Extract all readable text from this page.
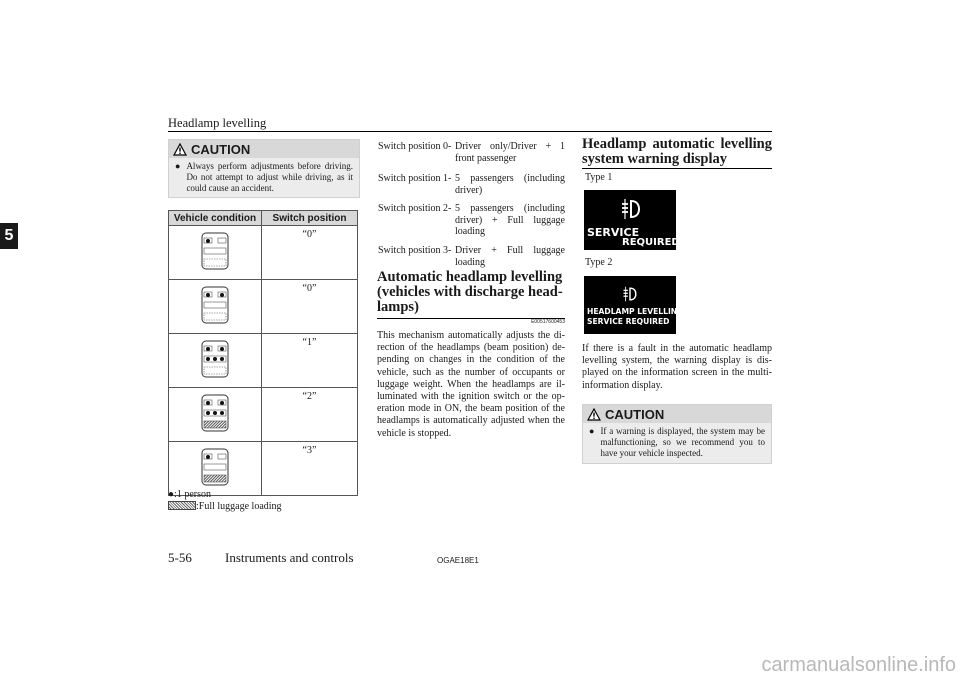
Headlamp levelling
5
CAUTION
● Always perform adjustments before driving. Do not attempt to adjust while driving, as it could cause an accident.
Vehicle condition	Switch position

	“0”

	“0”

	“1”

	“2”

	“3”
●:1 person
:Full luggage loading
Switch position 0- Driver only/Driver + 1 front passenger
Switch position 1- 5 passengers (including driver)
Switch position 2- 5 passengers (including driver) + Full luggage loading
Switch position 3- Driver + Full luggage loading
Automatic headlamp levelling (vehicles with discharge head-lamps)
E00517600453
This mechanism automatically adjusts the di-rection of the headlamps (beam position) de-pending on changes in the condition of the vehicle, such as the number of occupants or luggage weight. When the headlamps are il-luminated with the ignition switch or the op-eration mode in ON, the beam position of the headlamps is automatically adjusted when the vehicle is stopped.
Headlamp automatic levelling system warning display
Type 1
SERVICE
REQUIRED
Type 2
HEADLAMP LEVELLING
SERVICE REQUIRED
If there is a fault in the automatic headlamp levelling system, the warning display is dis-played on the information screen in the multi-information display.
CAUTION
● If a warning is displayed, the system may be malfunctioning, so we recommend you to have your vehicle inspected.
5-56	Instruments and controls	OGAE18E1
carmanualsonline.info
